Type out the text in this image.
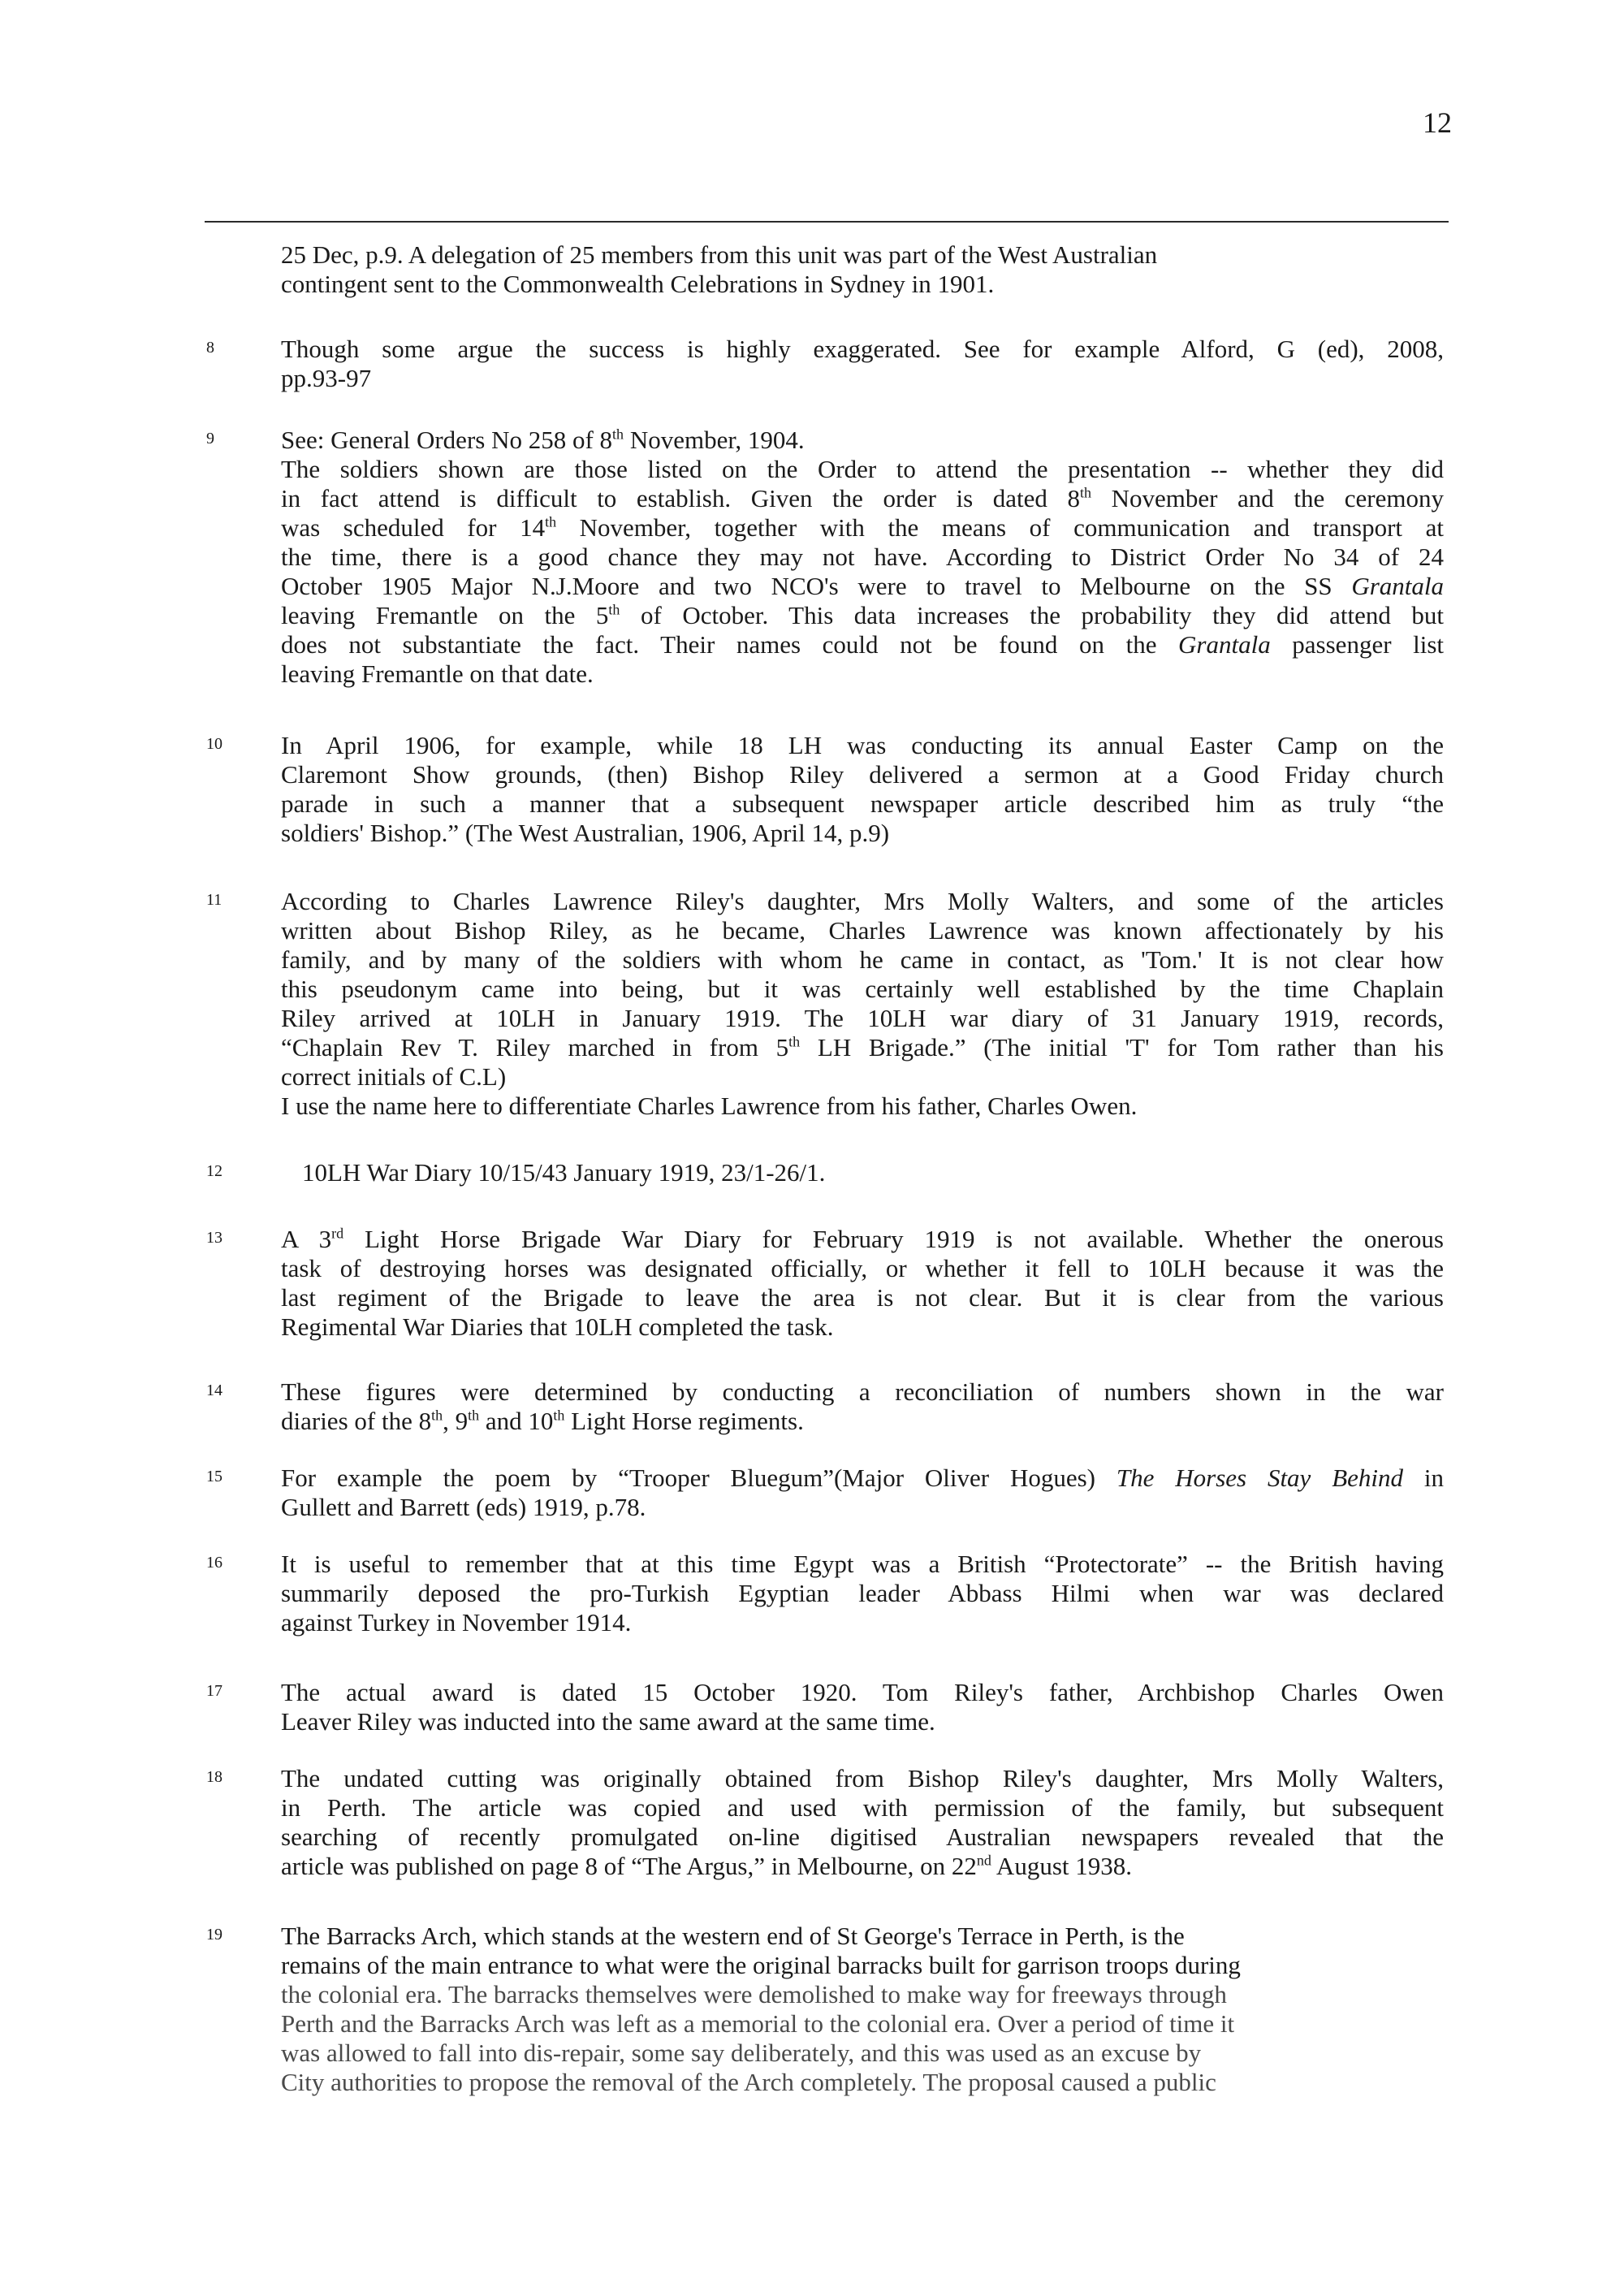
12
25 Dec, p.9. A delegation of 25 members from this unit was part of the West Australian
contingent sent to the Commonwealth Celebrations in Sydney in 1901.
8	Though some argue the success is highly exaggerated. See for example Alford, G (ed), 2008,
pp.93-97
9	See: General Orders No 258 of 8th November, 1904.
The soldiers shown are those listed on the Order to attend the presentation -- whether they did
in fact attend is difficult to establish. Given the order is dated 8th November and the ceremony
was scheduled for 14th November, together with the means of communication and transport at
the time, there is a good chance they may not have. According to District Order No 34 of 24
October 1905 Major N.J.Moore and two NCO's were to travel to Melbourne on the SS Grantala
leaving Fremantle on the 5th of October. This data increases the probability they did attend but
does not substantiate the fact. Their names could not be found on the Grantala passenger list
leaving Fremantle on that date.
10	In April 1906, for example, while 18 LH was conducting its annual Easter Camp on the
Claremont Show grounds, (then) Bishop Riley delivered a sermon at a Good Friday church
parade in such a manner that a subsequent newspaper article described him as truly “the
soldiers' Bishop.” (The West Australian, 1906, April 14, p.9)
11	According to Charles Lawrence Riley's daughter, Mrs Molly Walters, and some of the articles
written about Bishop Riley, as he became, Charles Lawrence was known affectionately by his
family, and by many of the soldiers with whom he came in contact, as 'Tom.' It is not clear how
this pseudonym came into being, but it was certainly well established by the time Chaplain
Riley arrived at 10LH in January 1919. The 10LH war diary of 31 January 1919, records,
“Chaplain Rev T. Riley marched in from 5th LH Brigade.” (The initial 'T' for Tom rather than his
correct initials of C.L)
I use the name here to differentiate Charles Lawrence from his father, Charles Owen.
12	10LH War Diary 10/15/43 January 1919, 23/1-26/1.
13	A 3rd Light Horse Brigade War Diary for February 1919 is not available. Whether the onerous
task of destroying horses was designated officially, or whether it fell to 10LH because it was the
last regiment of the Brigade to leave the area is not clear. But it is clear from the various
Regimental War Diaries that 10LH completed the task.
14	These figures were determined by conducting a reconciliation of numbers shown in the war
diaries of the 8th, 9th and 10th Light Horse regiments.
15	For example the poem by “Trooper Bluegum”(Major Oliver Hogues) The Horses Stay Behind in
Gullett and Barrett (eds) 1919, p.78.
16	It is useful to remember that at this time Egypt was a British “Protectorate” -- the British having
summarily deposed the pro-Turkish Egyptian leader Abbass Hilmi when war was declared
against Turkey in November 1914.
17	The actual award is dated 15 October 1920. Tom Riley's father, Archbishop Charles Owen
Leaver Riley was inducted into the same award at the same time.
18	The undated cutting was originally obtained from Bishop Riley's daughter, Mrs Molly Walters,
in Perth. The article was copied and used with permission of the family, but subsequent
searching of recently promulgated on-line digitised Australian newspapers revealed that the
article was published on page 8 of “The Argus,” in Melbourne, on 22nd August 1938.
19	The Barracks Arch, which stands at the western end of St George's Terrace in Perth, is the
remains of the main entrance to what were the original barracks built for garrison troops during
the colonial era. The barracks themselves were demolished to make way for freeways through
Perth and the Barracks Arch was left as a memorial to the colonial era. Over a period of time it
was allowed to fall into dis-repair, some say deliberately, and this was used as an excuse by
City authorities to propose the removal of the Arch completely. The proposal caused a public
